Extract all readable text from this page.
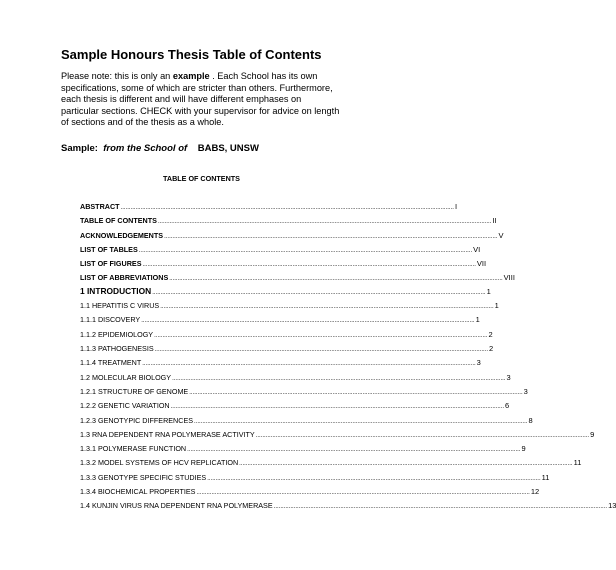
Sample Honours Thesis Table of Contents
Please note: this is only an example . Each School has its own specifications, some of which are stricter than others. Furthermore, each thesis is different and will have different emphases on particular sections. CHECK with your supervisor for advice on length of sections and of the thesis as a whole.
Sample: from the School of BABS, UNSW
TABLE OF CONTENTS
ABSTRACT ........................................................................................................................................................................................................ I
TABLE OF CONTENTS ........................................................................................................................................................................................................ II
ACKNOWLEDGEMENTS ........................................................................................................................................................................................................ V
LIST OF TABLES ........................................................................................................................................................................................................ VI
LIST OF FIGURES ........................................................................................................................................................................................................ VII
LIST OF ABBREVIATIONS ........................................................................................................................................................................................................ VIII
1 INTRODUCTION ........................................................................................................................................................................................................ 1
1.1 HEPATITIS C VIRUS ........................................................................................................................................................................................................ 1
1.1.1 DISCOVERY ........................................................................................................................................................................................................ 1
1.1.2 EPIDEMIOLOGY ........................................................................................................................................................................................................ 2
1.1.3 PATHOGENESIS ........................................................................................................................................................................................................ 2
1.1.4 TREATMENT ........................................................................................................................................................................................................ 3
1.2 MOLECULAR BIOLOGY ........................................................................................................................................................................................................ 3
1.2.1 STRUCTURE OF GENOME ........................................................................................................................................................................................................ 3
1.2.2 GENETIC VARIATION ........................................................................................................................................................................................................ 6
1.2.3 GENOTYPIC DIFFERENCES ........................................................................................................................................................................................................ 8
1.3 RNA DEPENDENT RNA POLYMERASE ACTIVITY ........................................................................................................................................................................................................ 9
1.3.1 POLYMERASE FUNCTION ........................................................................................................................................................................................................ 9
1.3.2 MODEL SYSTEMS OF HCV REPLICATION ........................................................................................................................................................................................................ 11
1.3.3 GENOTYPE SPECIFIC STUDIES ........................................................................................................................................................................................................ 11
1.3.4 BIOCHEMICAL PROPERTIES ........................................................................................................................................................................................................ 12
1.4 KUNJIN VIRUS RNA DEPENDENT RNA POLYMERASE ........................................................................................................................................................................................................ 13
